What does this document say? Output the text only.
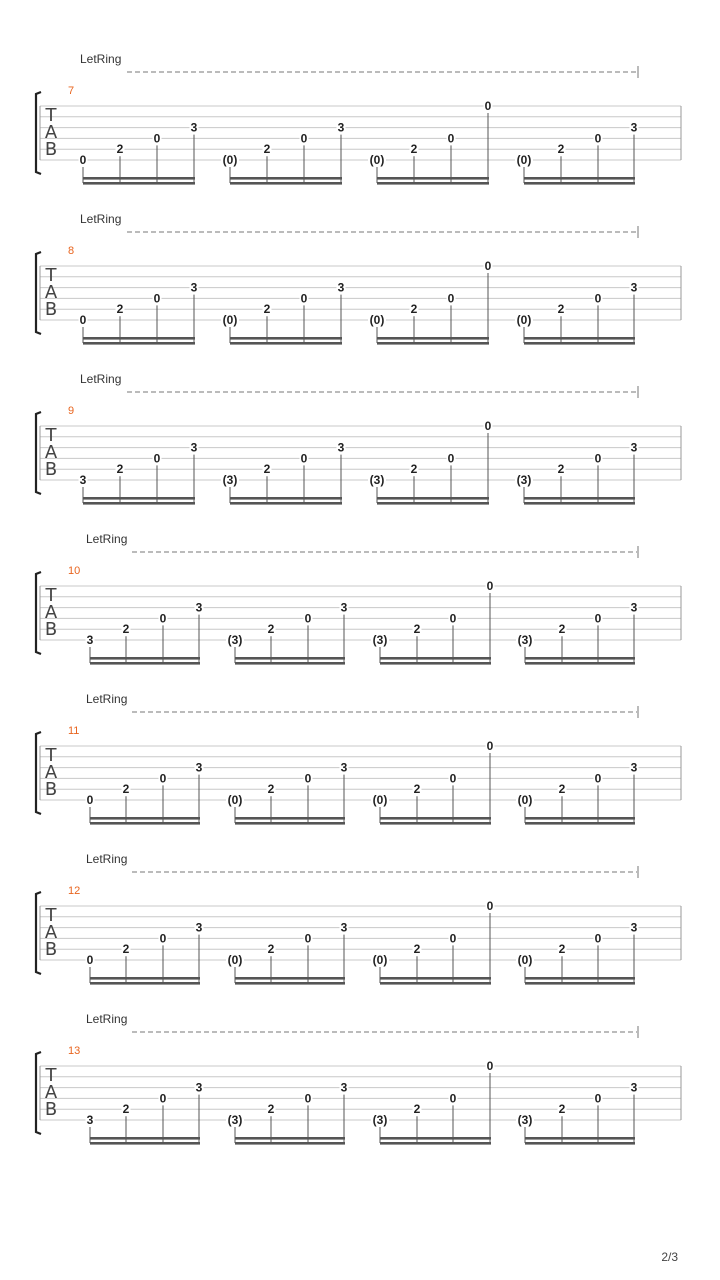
LetRing
7
T
A
B 0
2
0
3
(0)
2
0
3
(0)
2
0
0
(0)
2
0
3
LetRing
8
T
A
B 0
2
0
3
(0)
2
0
3
(0)
2
0
0
(0)
2
0
3
LetRing
9
T
A
B 3
2
0
3
(3)
2
0
3
(3)
2
0
0
(3)
2
0
3
LetRing
10
T
A
B 3
2
0
3
(3)
2
0
3
(3)
2
0
0
(3)
2
0
3
LetRing
11
T
A
B 0
2
0
3
(0)
2
0
3
(0)
2
0
0
(0)
2
0
3
LetRing
12
T
A
B 0
2
0
3
(0)
2
0
3
(0)
2
0
0
(0)
2
0
3
LetRing
13
T
A
B 3
2
0
3
(3)
2
0
3
(3)
2
0
0
(3)
2
0
3
2/3
